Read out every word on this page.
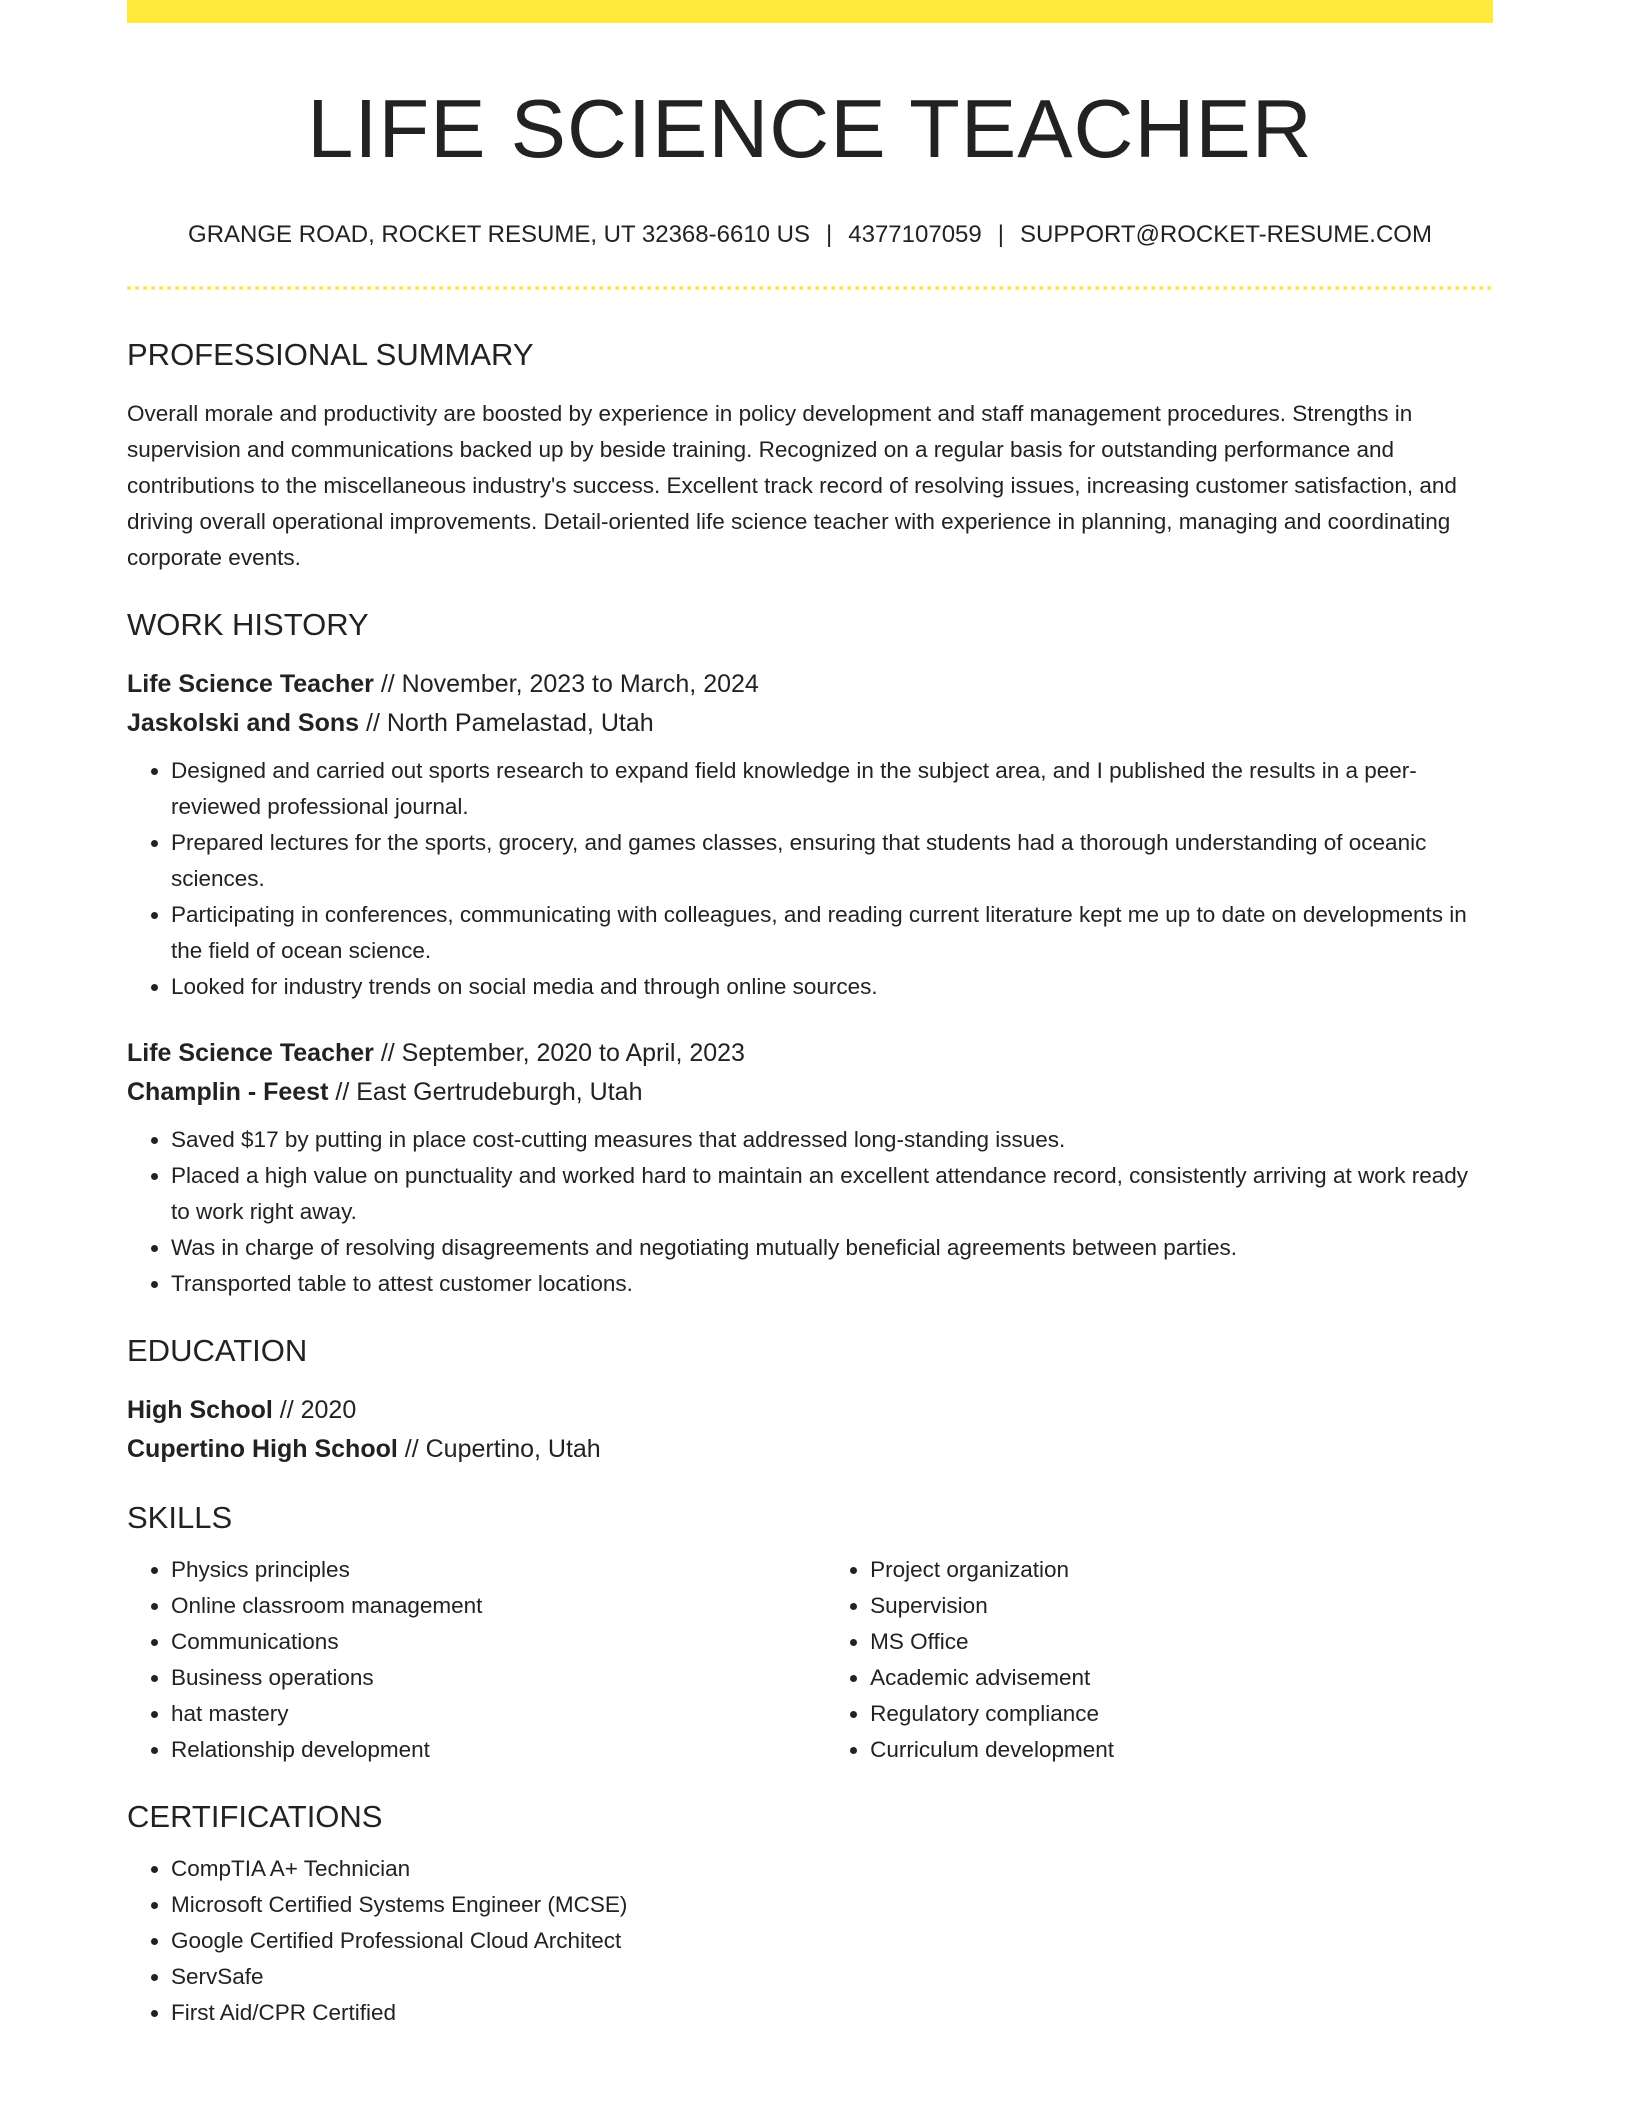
LIFE SCIENCE TEACHER
GRANGE ROAD, ROCKET RESUME, UT 32368-6610 US | 4377107059 | SUPPORT@ROCKET-RESUME.COM
PROFESSIONAL SUMMARY
Overall morale and productivity are boosted by experience in policy development and staff management procedures. Strengths in supervision and communications backed up by beside training. Recognized on a regular basis for outstanding performance and contributions to the miscellaneous industry's success. Excellent track record of resolving issues, increasing customer satisfaction, and driving overall operational improvements. Detail-oriented life science teacher with experience in planning, managing and coordinating corporate events.
WORK HISTORY
Life Science Teacher // November, 2023 to March, 2024
Jaskolski and Sons // North Pamelastad, Utah
• Designed and carried out sports research to expand field knowledge in the subject area, and I published the results in a peer-reviewed professional journal.
• Prepared lectures for the sports, grocery, and games classes, ensuring that students had a thorough understanding of oceanic sciences.
• Participating in conferences, communicating with colleagues, and reading current literature kept me up to date on developments in the field of ocean science.
• Looked for industry trends on social media and through online sources.
Life Science Teacher // September, 2020 to April, 2023
Champlin - Feest // East Gertrudeburgh, Utah
• Saved $17 by putting in place cost-cutting measures that addressed long-standing issues.
• Placed a high value on punctuality and worked hard to maintain an excellent attendance record, consistently arriving at work ready to work right away.
• Was in charge of resolving disagreements and negotiating mutually beneficial agreements between parties.
• Transported table to attest customer locations.
EDUCATION
High School // 2020
Cupertino High School // Cupertino, Utah
SKILLS
• Physics principles
• Online classroom management
• Communications
• Business operations
• hat mastery
• Relationship development
• Project organization
• Supervision
• MS Office
• Academic advisement
• Regulatory compliance
• Curriculum development
CERTIFICATIONS
• CompTIA A+ Technician
• Microsoft Certified Systems Engineer (MCSE)
• Google Certified Professional Cloud Architect
• ServSafe
• First Aid/CPR Certified
